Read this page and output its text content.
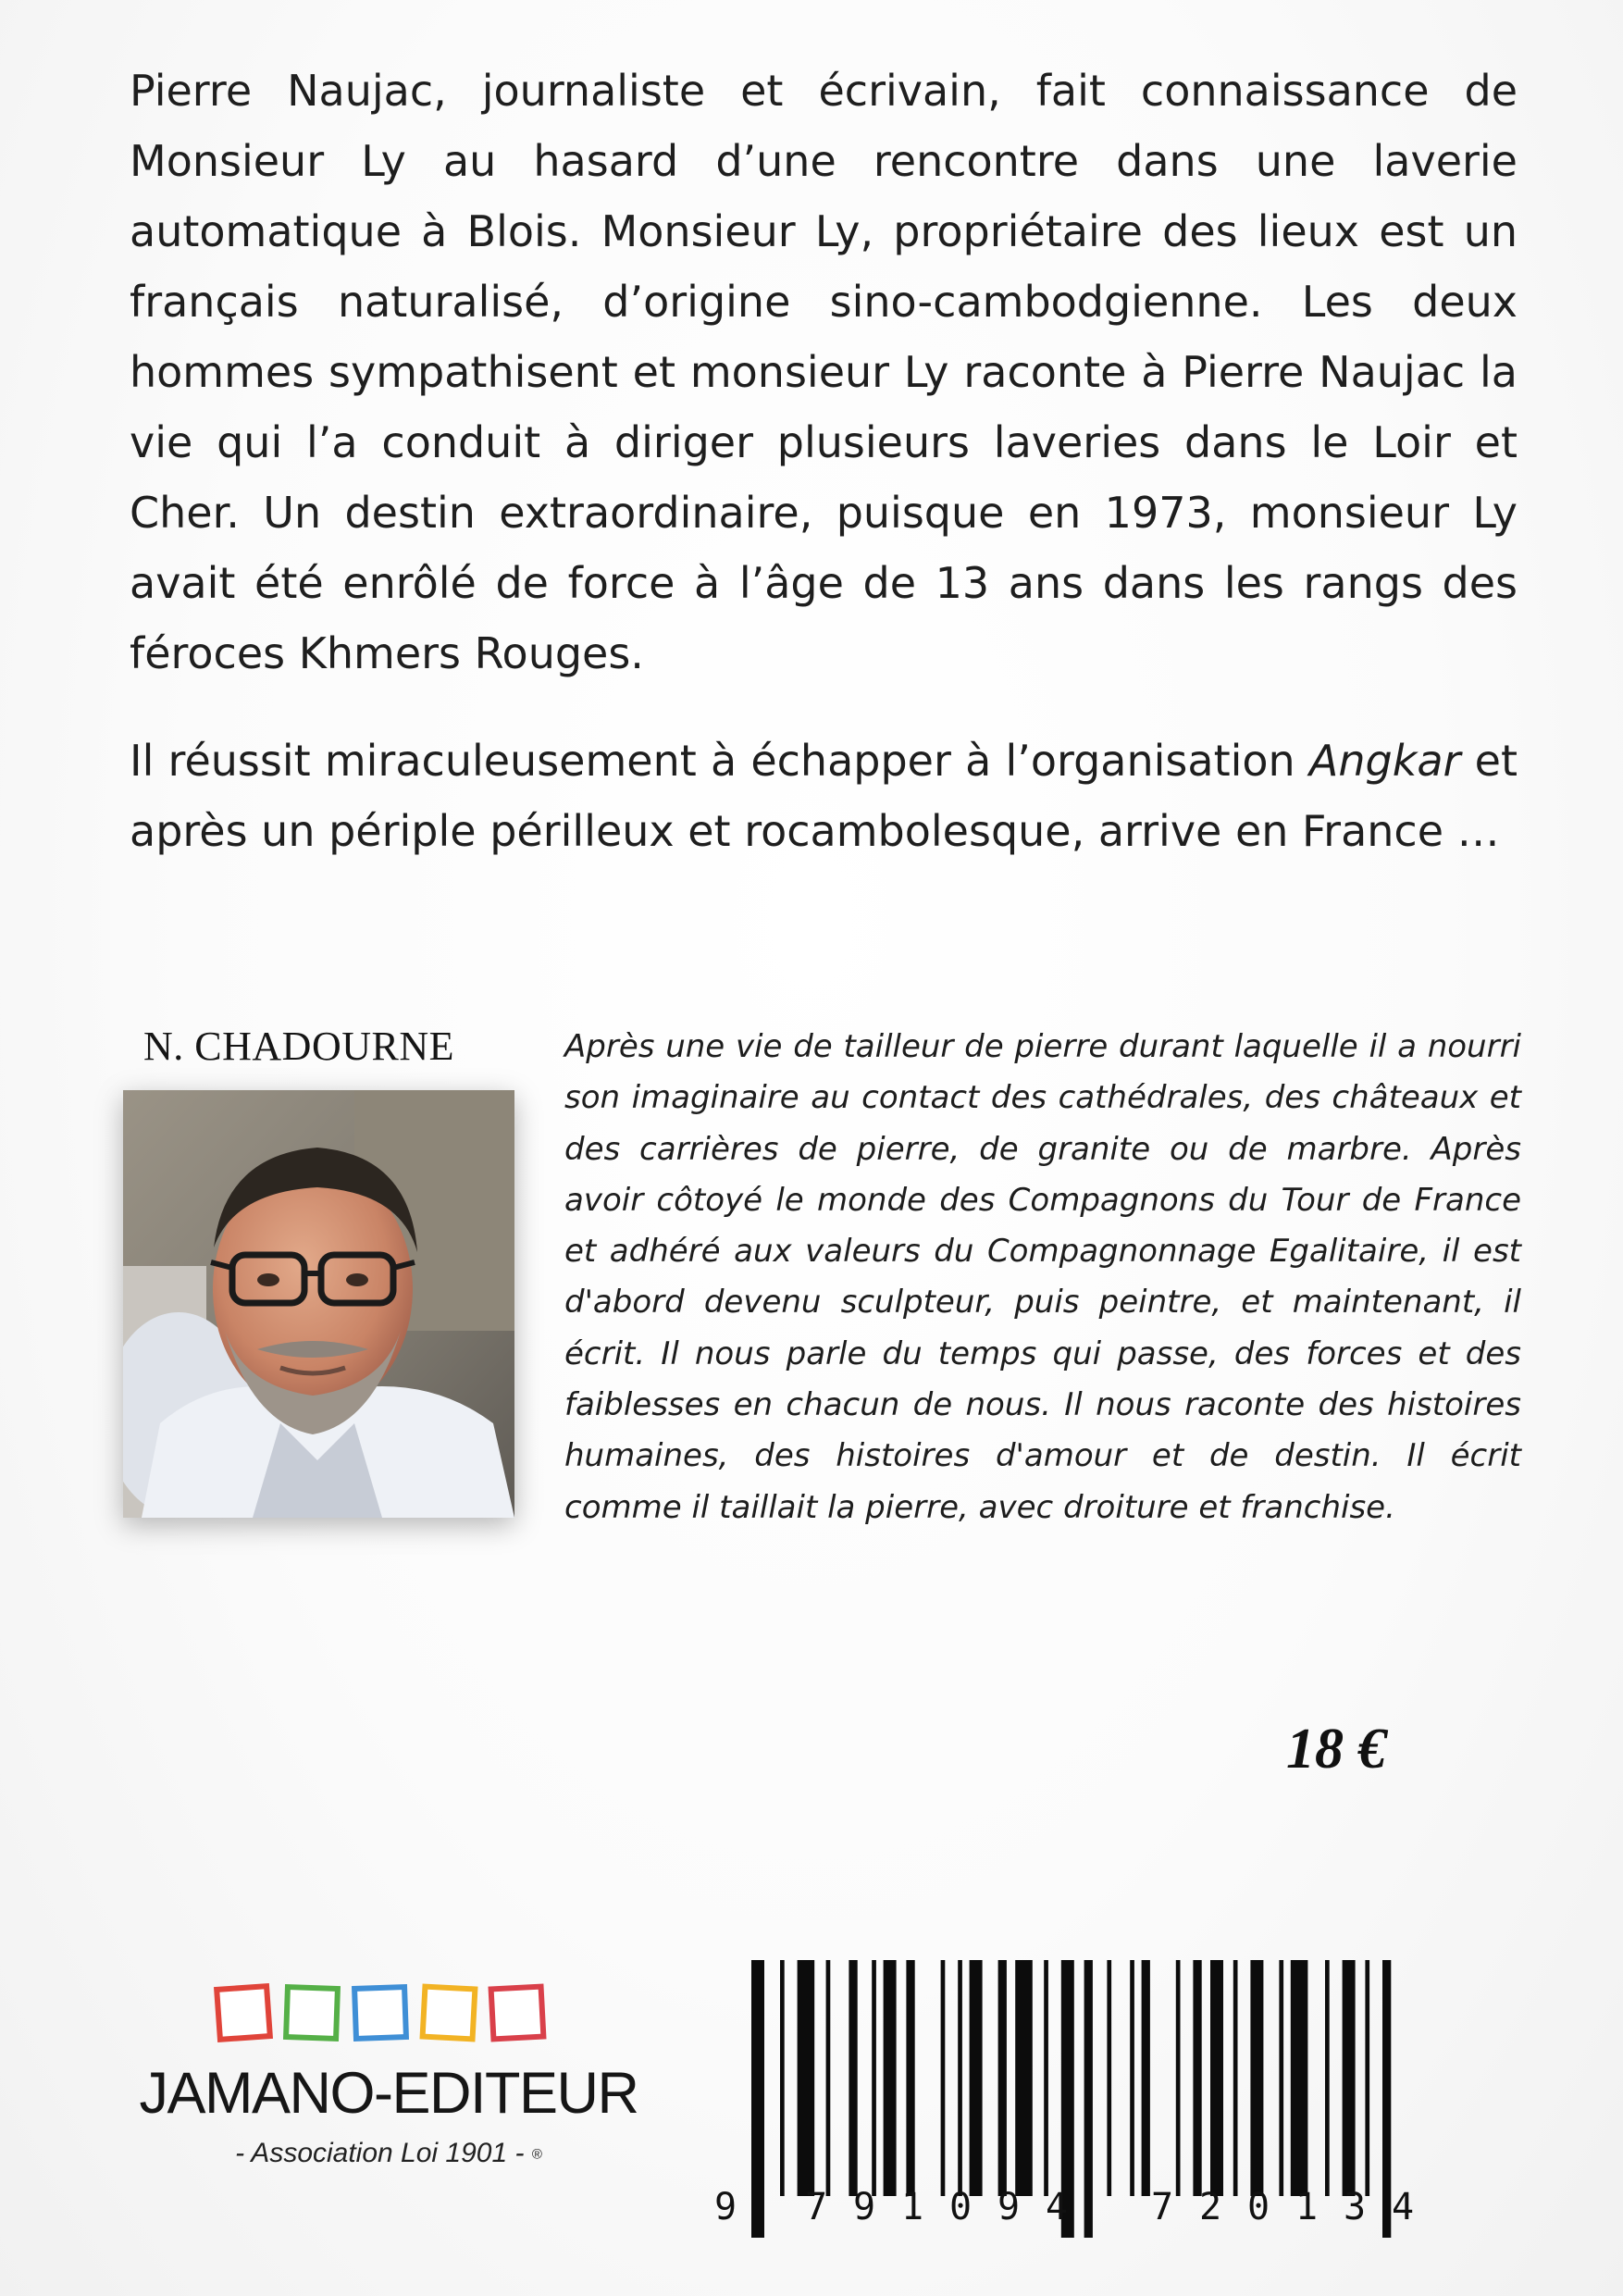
Pierre Naujac, journaliste et écrivain, fait connaissance de Monsieur Ly au hasard d’une rencontre dans une laverie automatique à Blois. Monsieur Ly, propriétaire des lieux est un français naturalisé, d’origine sino-cambodgienne. Les deux hommes sympathisent et monsieur Ly raconte à Pierre Naujac la vie qui l’a conduit à diriger plusieurs laveries dans le Loir et Cher. Un destin extraordinaire, puisque en 1973, monsieur Ly avait été enrôlé de force à l’âge de 13 ans dans les rangs des féroces Khmers Rouges.

Il réussit miraculeusement à échapper à l’organisation Angkar et après un périple périlleux et rocambolesque, arrive en France …

N. CHADOURNE	Après une vie de tailleur de pierre durant laquelle il a nourri son imaginaire au contact des cathédrales, des châteaux et des carrières de pierre, de granite ou de marbre. Après avoir côtoyé le monde des Compagnons du Tour de France et adhéré aux valeurs du Compagnonnage Egalitaire, il est d'abord devenu sculpteur, puis peintre, et maintenant, il écrit. Il nous parle du temps qui passe, des forces et des faiblesses en chacun de nous. Il nous raconte des histoires humaines, des histoires d'amour et de destin. Il écrit comme il taillait la pierre, avec droiture et franchise.
18 €
JAMANO-EDITEUR
- Association Loi 1901 - ®
9 7 9 1 0 9 4 7 2 0 1 3 4
